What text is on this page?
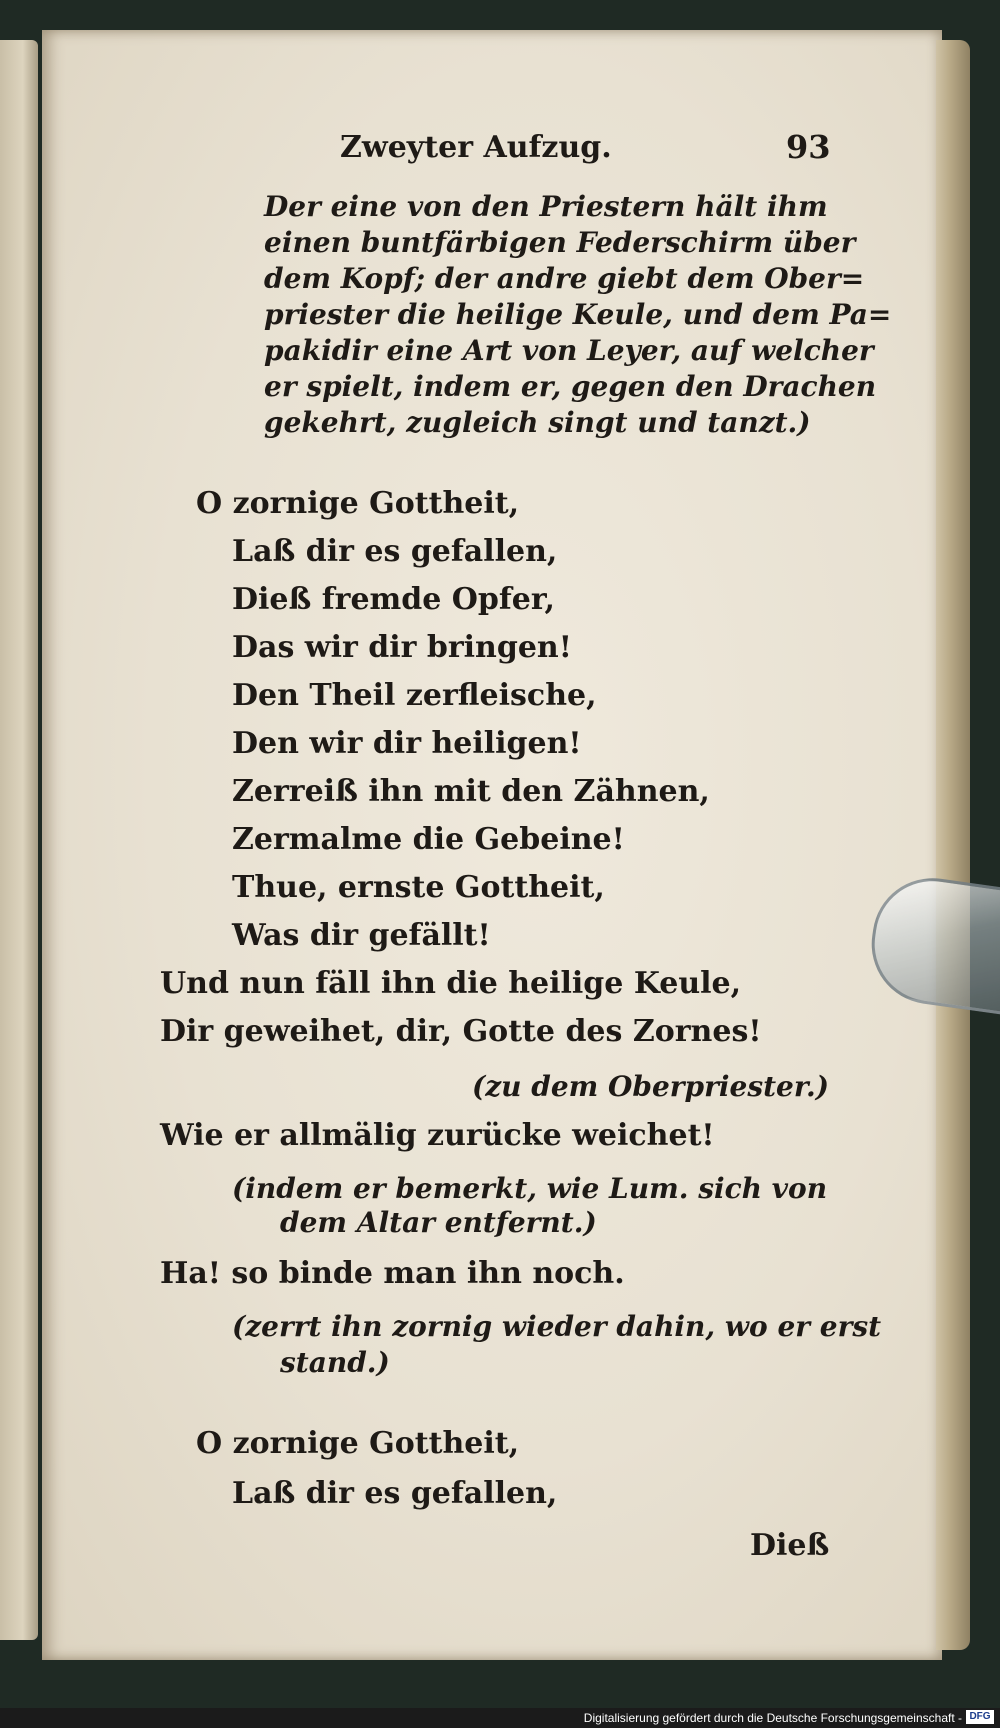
Zweyter Aufzug.	93

Der eine von den Priestern hält ihm

einen buntfärbigen Federschirm über

dem Kopf; der andre giebt dem Ober=

priester die heilige Keule, und dem Pa=

pakidir eine Art von Leyer, auf welcher

er spielt, indem er, gegen den Drachen

gekehrt, zugleich singt und tanzt.)

O zornige Gottheit,

Laß dir es gefallen,

Dieß fremde Opfer,

Das wir dir bringen!

Den Theil zerfleische,

Den wir dir heiligen!

Zerreiß ihn mit den Zähnen,

Zermalme die Gebeine!

Thue, ernste Gottheit,

Was dir gefällt!

Und nun fäll ihn die heilige Keule,

Dir geweihet, dir, Gotte des Zornes!

(zu dem Oberpriester.)

Wie er allmälig zurücke weichet!

(indem er bemerkt, wie Lum. sich von

dem Altar entfernt.)

Ha! so binde man ihn noch.

(zerrt ihn zornig wieder dahin, wo er erst

stand.)

O zornige Gottheit,

Laß dir es gefallen,

Dieß

Digitalisierung gefördert durch die Deutsche Forschungsgemeinschaft - DFG
